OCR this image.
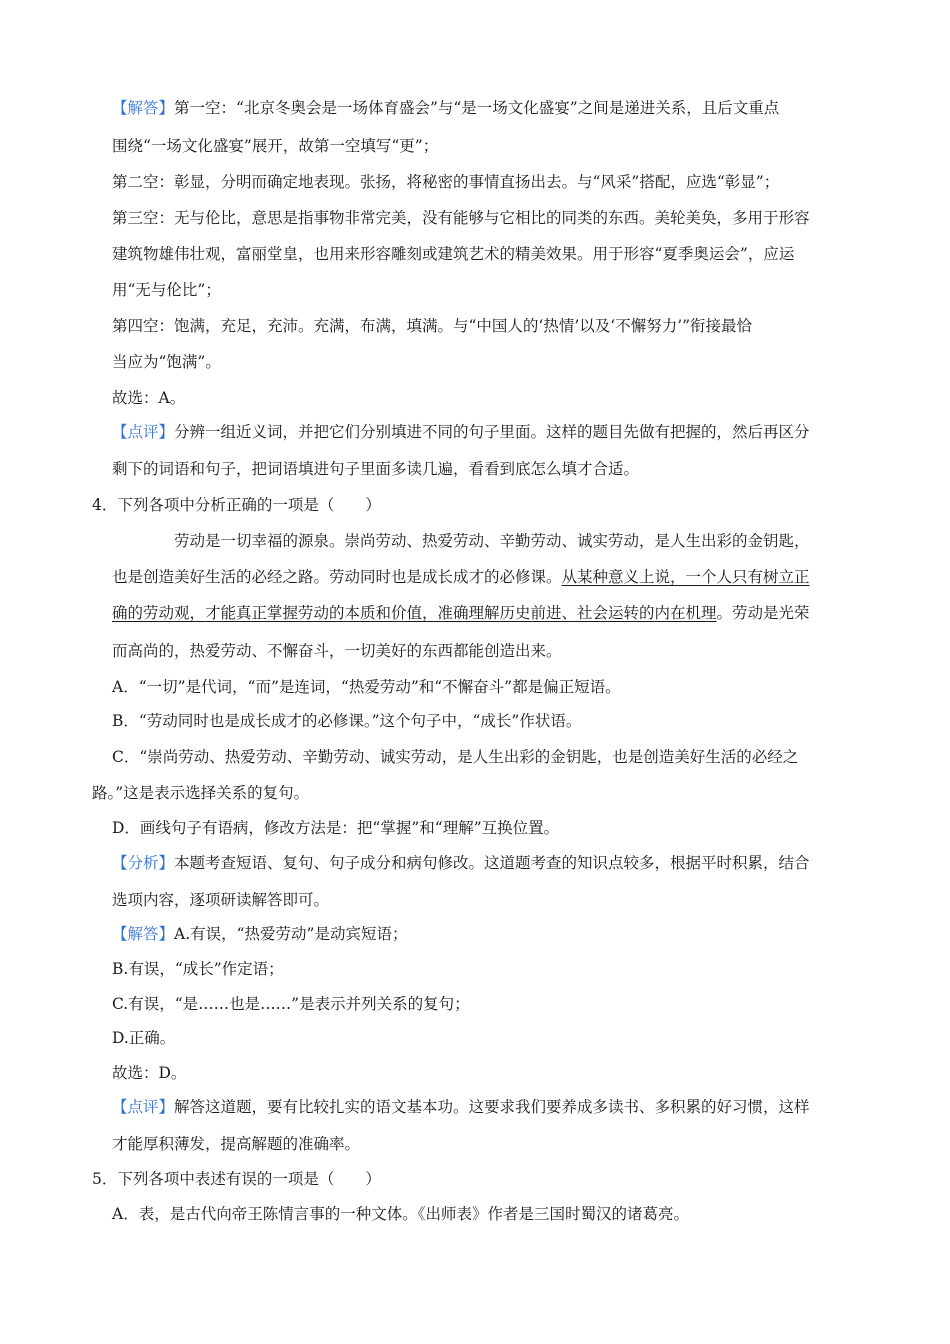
【解答】第一空：“北京冬奥会是一场体育盛会”与“是一场文化盛宴”之间是递进关系，且后文重点
围绕“一场文化盛宴”展开，故第一空填写“更”；
第二空：彰显，分明而确定地表现。张扬，将秘密的事情直扬出去。与“风采”搭配，应选“彰显”；
第三空：无与伦比，意思是指事物非常完美，没有能够与它相比的同类的东西。美轮美奂，多用于形容
建筑物雄伟壮观，富丽堂皇，也用来形容雕刻或建筑艺术的精美效果。用于形容“夏季奥运会”，应运
用“无与伦比”；
第四空：饱满，充足，充沛。充满，布满，填满。与“中国人的‘热情’以及‘不懈努力’”衔接最恰
当应为“饱满”。
故选：A。
【点评】分辨一组近义词，并把它们分别填进不同的句子里面。这样的题目先做有把握的，然后再区分
剩下的词语和句子，把词语填进句子里面多读几遍，看看到底怎么填才合适。
4．下列各项中分析正确的一项是（　　）
劳动是一切幸福的源泉。崇尚劳动、热爱劳动、辛勤劳动、诚实劳动，是人生出彩的金钥匙，
也是创造美好生活的必经之路。劳动同时也是成长成才的必修课。从某种意义上说，一个人只有树立正
确的劳动观，才能真正掌握劳动的本质和价值，准确理解历史前进、社会运转的内在机理。劳动是光荣
而高尚的，热爱劳动、不懈奋斗，一切美好的东西都能创造出来。
A．“一切”是代词，“而”是连词，“热爱劳动”和“不懈奋斗”都是偏正短语。
B．“劳动同时也是成长成才的必修课。”这个句子中，“成长”作状语。
C．“崇尚劳动、热爱劳动、辛勤劳动、诚实劳动，是人生出彩的金钥匙，也是创造美好生活的必经之
路。”这是表示选择关系的复句。
D．画线句子有语病，修改方法是：把“掌握”和“理解”互换位置。
【分析】本题考查短语、复句、句子成分和病句修改。这道题考查的知识点较多，根据平时积累，结合
选项内容，逐项研读解答即可。
【解答】A.有误，“热爱劳动”是动宾短语；
B.有误，“成长”作定语；
C.有误，“是……也是……”是表示并列关系的复句；
D.正确。
故选：D。
【点评】解答这道题，要有比较扎实的语文基本功。这要求我们要养成多读书、多积累的好习惯，这样
才能厚积薄发，提高解题的准确率。
5．下列各项中表述有误的一项是（　　）
A．表，是古代向帝王陈情言事的一种文体。《出师表》作者是三国时蜀汉的诸葛亮。
